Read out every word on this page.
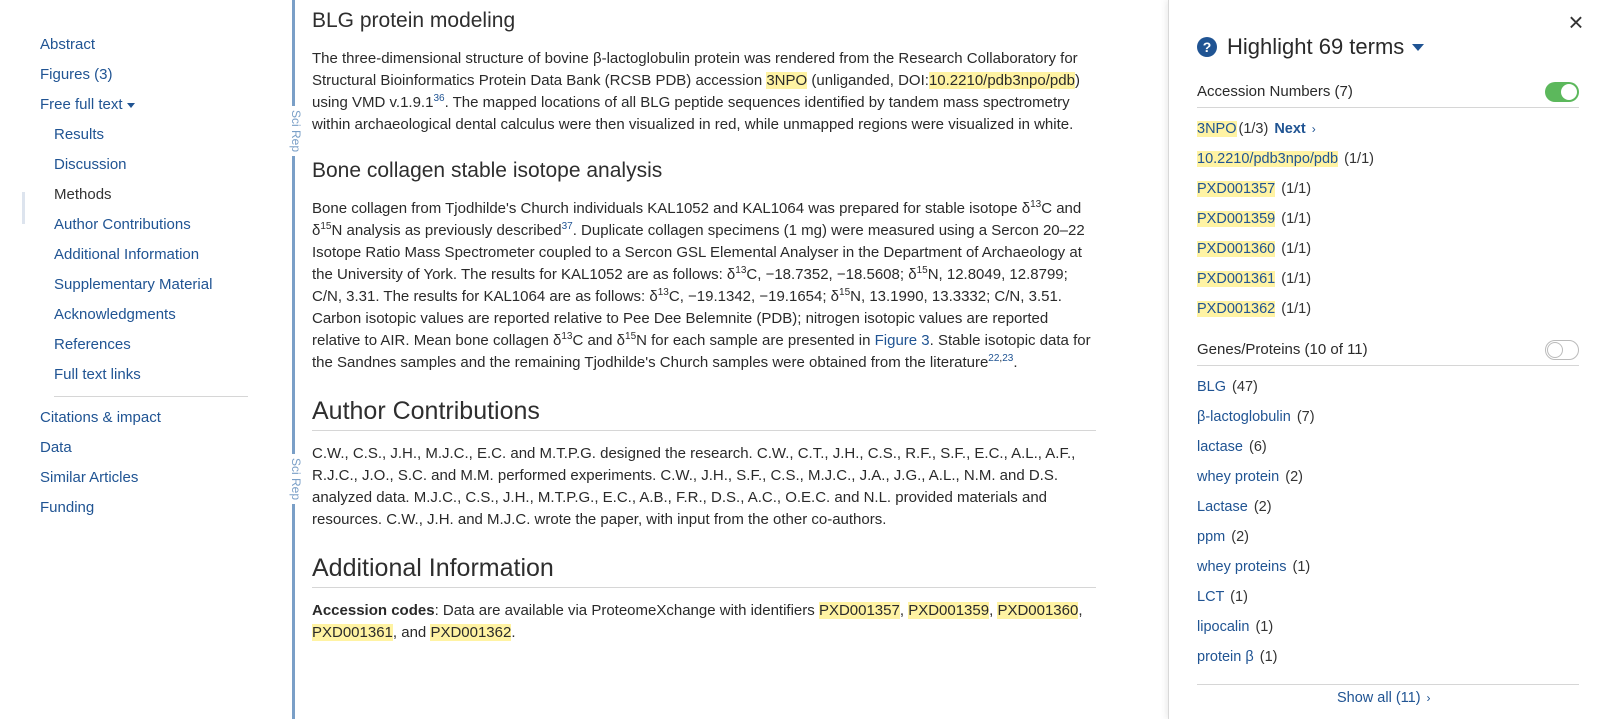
Abstract
Figures (3)
Free full text
Results
Discussion
Methods
Author Contributions
Additional Information
Supplementary Material
Acknowledgments
References
Full text links
Citations & impact
Data
Similar Articles
Funding
Sci Rep
Sci Rep
BLG protein modeling

The three-dimensional structure of bovine β-lactoglobulin protein was rendered from the Research Collaboratory for Structural Bioinformatics Protein Data Bank (RCSB PDB) accession 3NPO (unliganded, DOI:10.2210/pdb3npo/pdb) using VMD v.1.9.1$^{36}$. The mapped locations of all BLG peptide sequences identified by tandem mass spectrometry within archaeological dental calculus were then visualized in red, while unmapped regions were visualized in white.

Bone collagen stable isotope analysis

Bone collagen from Tjodhilde's Church individuals KAL1052 and KAL1064 was prepared for stable isotope $\delta^{13}C$ and $\delta^{15}N$ analysis as previously described$^{37}$. Duplicate collagen specimens (1 mg) were measured using a Sercon 20–22 Isotope Ratio Mass Spectrometer coupled to a Sercon GSL Elemental Analyser in the Department of Archaeology at the University of York. The results for KAL1052 are as follows: $\delta^{13}C$, −18.7352, −18.5608; $\delta^{15}N$, 12.8049, 12.8799; C/N, 3.31. The results for KAL1064 are as follows: $\delta^{13}C$, −19.1342, −19.1654; $\delta^{15}N$, 13.1990, 13.3332; C/N, 3.51. Carbon isotopic values are reported relative to Pee Dee Belemnite (PDB); nitrogen isotopic values are reported relative to AIR. Mean bone collagen $\delta^{13}C$ and $\delta^{15}N$ for each sample are presented in Figure 3. Stable isotopic data for the Sandnes samples and the remaining Tjodhilde's Church samples were obtained from the literature$^{22,23}$.

Author Contributions

C.W., C.S., J.H., M.J.C., E.C. and M.T.P.G. designed the research. C.W., C.T., J.H., C.S., R.F., S.F., E.C., A.L., A.F., R.J.C., J.O., S.C. and M.M. performed experiments. C.W., J.H., S.F., C.S., M.J.C., J.A., J.G., A.L., N.M. and D.S. analyzed data. M.J.C., C.S., J.H., M.T.P.G., E.C., A.B., F.R., D.S., A.C., O.E.C. and N.L. provided materials and resources. C.W., J.H. and M.J.C. wrote the paper, with input from the other co-authors.

Additional Information

Accession codes: Data are available via ProteomeXchange with identifiers PXD001357, PXD001359, PXD001360, PXD001361, and PXD001362.

×
? Highlight 69 terms
Accession Numbers (7)
3NPO (1/3) Next ›
10.2210/pdb3npo/pdb (1/1)
PXD001357 (1/1)
PXD001359 (1/1)
PXD001360 (1/1)
PXD001361 (1/1)
PXD001362 (1/1)
Genes/Proteins (10 of 11)
BLG (47)
β-lactoglobulin (7)
lactase (6)
whey protein (2)
Lactase (2)
ppm (2)
whey proteins (1)
LCT (1)
lipocalin (1)
protein β (1)
Show all (11) ›
